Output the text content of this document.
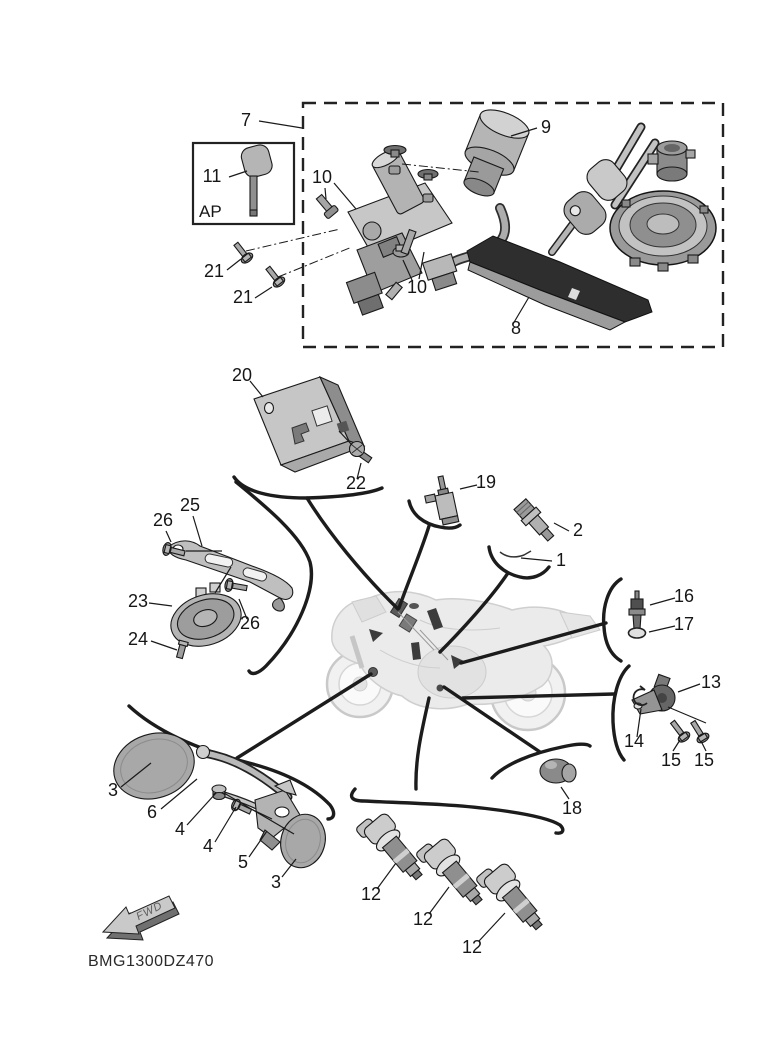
FWD
7
11
AP
10
10
21
21
9
8
20
22	19
2
1
16
17
25
26
23
24
26
13
14
15 15
18
3
6
4
4
5
3
12
12
12
BMG1300DZ470
